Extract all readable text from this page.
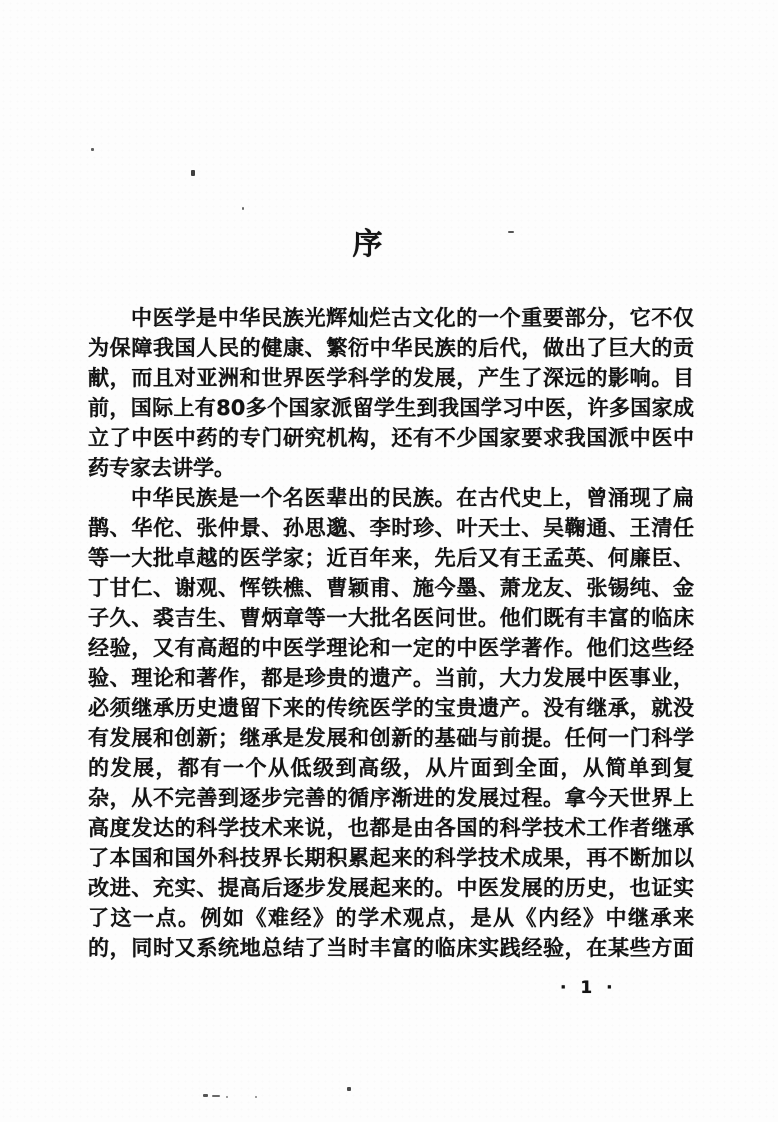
序
中医学是中华民族光辉灿烂古文化的一个重要部分，它不仅
为保障我国人民的健康、繁衍中华民族的后代，做出了巨大的贡
献，而且对亚洲和世界医学科学的发展，产生了深远的影响。目
前，国际上有80多个国家派留学生到我国学习中医，许多国家成
立了中医中药的专门研究机构，还有不少国家要求我国派中医中
药专家去讲学。
中华民族是一个名医辈出的民族。在古代史上，曾涌现了扁
鹊、华佗、张仲景、孙思邈、李时珍、叶天士、吴鞠通、王清任
等一大批卓越的医学家；近百年来，先后又有王孟英、何廉臣、
丁甘仁、谢观、恽铁樵、曹颖甫、施今墨、萧龙友、张锡纯、金
子久、裘吉生、曹炳章等一大批名医问世。他们既有丰富的临床
经验，又有高超的中医学理论和一定的中医学著作。他们这些经
验、理论和著作，都是珍贵的遗产。当前，大力发展中医事业，
必须继承历史遗留下来的传统医学的宝贵遗产。没有继承，就没
有发展和创新；继承是发展和创新的基础与前提。任何一门科学
的发展，都有一个从低级到高级，从片面到全面，从简单到复
杂，从不完善到逐步完善的循序渐进的发展过程。拿今天世界上
高度发达的科学技术来说，也都是由各国的科学技术工作者继承
了本国和国外科技界长期积累起来的科学技术成果，再不断加以
改进、充实、提高后逐步发展起来的。中医发展的历史，也证实
了这一点。例如《难经》的学术观点，是从《内经》中继承来
的，同时又系统地总结了当时丰富的临床实践经验，在某些方面
· 1 ·
